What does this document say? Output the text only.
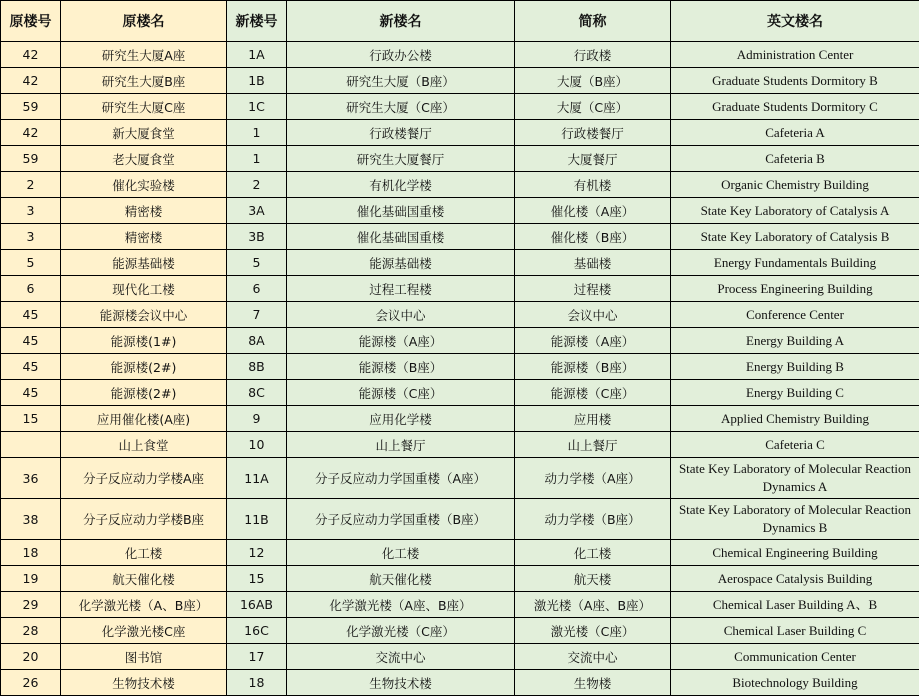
原楼号	原楼名	新楼号	新楼名	简称	英文楼名
42	研究生大厦A座	1A	行政办公楼	行政楼	Administration Center
42	研究生大厦B座	1B	研究生大厦（B座）	大厦（B座）	Graduate Students Dormitory B
59	研究生大厦C座	1C	研究生大厦（C座）	大厦（C座）	Graduate Students Dormitory C
42	新大厦食堂	1	行政楼餐厅	行政楼餐厅	Cafeteria A
59	老大厦食堂	1	研究生大厦餐厅	大厦餐厅	Cafeteria B
2	催化实验楼	2	有机化学楼	有机楼	Organic Chemistry Building
3	精密楼	3A	催化基础国重楼	催化楼（A座）	State Key Laboratory of Catalysis A
3	精密楼	3B	催化基础国重楼	催化楼（B座）	State Key Laboratory of Catalysis B
5	能源基础楼	5	能源基础楼	基础楼	Energy Fundamentals Building
6	现代化工楼	6	过程工程楼	过程楼	Process Engineering Building
45	能源楼会议中心	7	会议中心	会议中心	Conference Center
45	能源楼(1#)	8A	能源楼（A座）	能源楼（A座）	Energy Building A
45	能源楼(2#)	8B	能源楼（B座）	能源楼（B座）	Energy Building B
45	能源楼(2#)	8C	能源楼（C座）	能源楼（C座）	Energy Building C
15	应用催化楼(A座)	9	应用化学楼	应用楼	Applied Chemistry Building
	山上食堂	10	山上餐厅	山上餐厅	Cafeteria C
36	分子反应动力学楼A座	11A	分子反应动力学国重楼（A座）	动力学楼（A座）	State Key Laboratory of Molecular Reaction Dynamics A
38	分子反应动力学楼B座	11B	分子反应动力学国重楼（B座）	动力学楼（B座）	State Key Laboratory of Molecular Reaction Dynamics B
18	化工楼	12	化工楼	化工楼	Chemical Engineering Building
19	航天催化楼	15	航天催化楼	航天楼	Aerospace Catalysis Building
29	化学激光楼（A、B座）	16AB	化学激光楼（A座、B座）	激光楼（A座、B座）	Chemical Laser Building A、B
28	化学激光楼C座	16C	化学激光楼（C座）	激光楼（C座）	Chemical Laser Building C
20	图书馆	17	交流中心	交流中心	Communication Center
26	生物技术楼	18	生物技术楼	生物楼	Biotechnology Building
